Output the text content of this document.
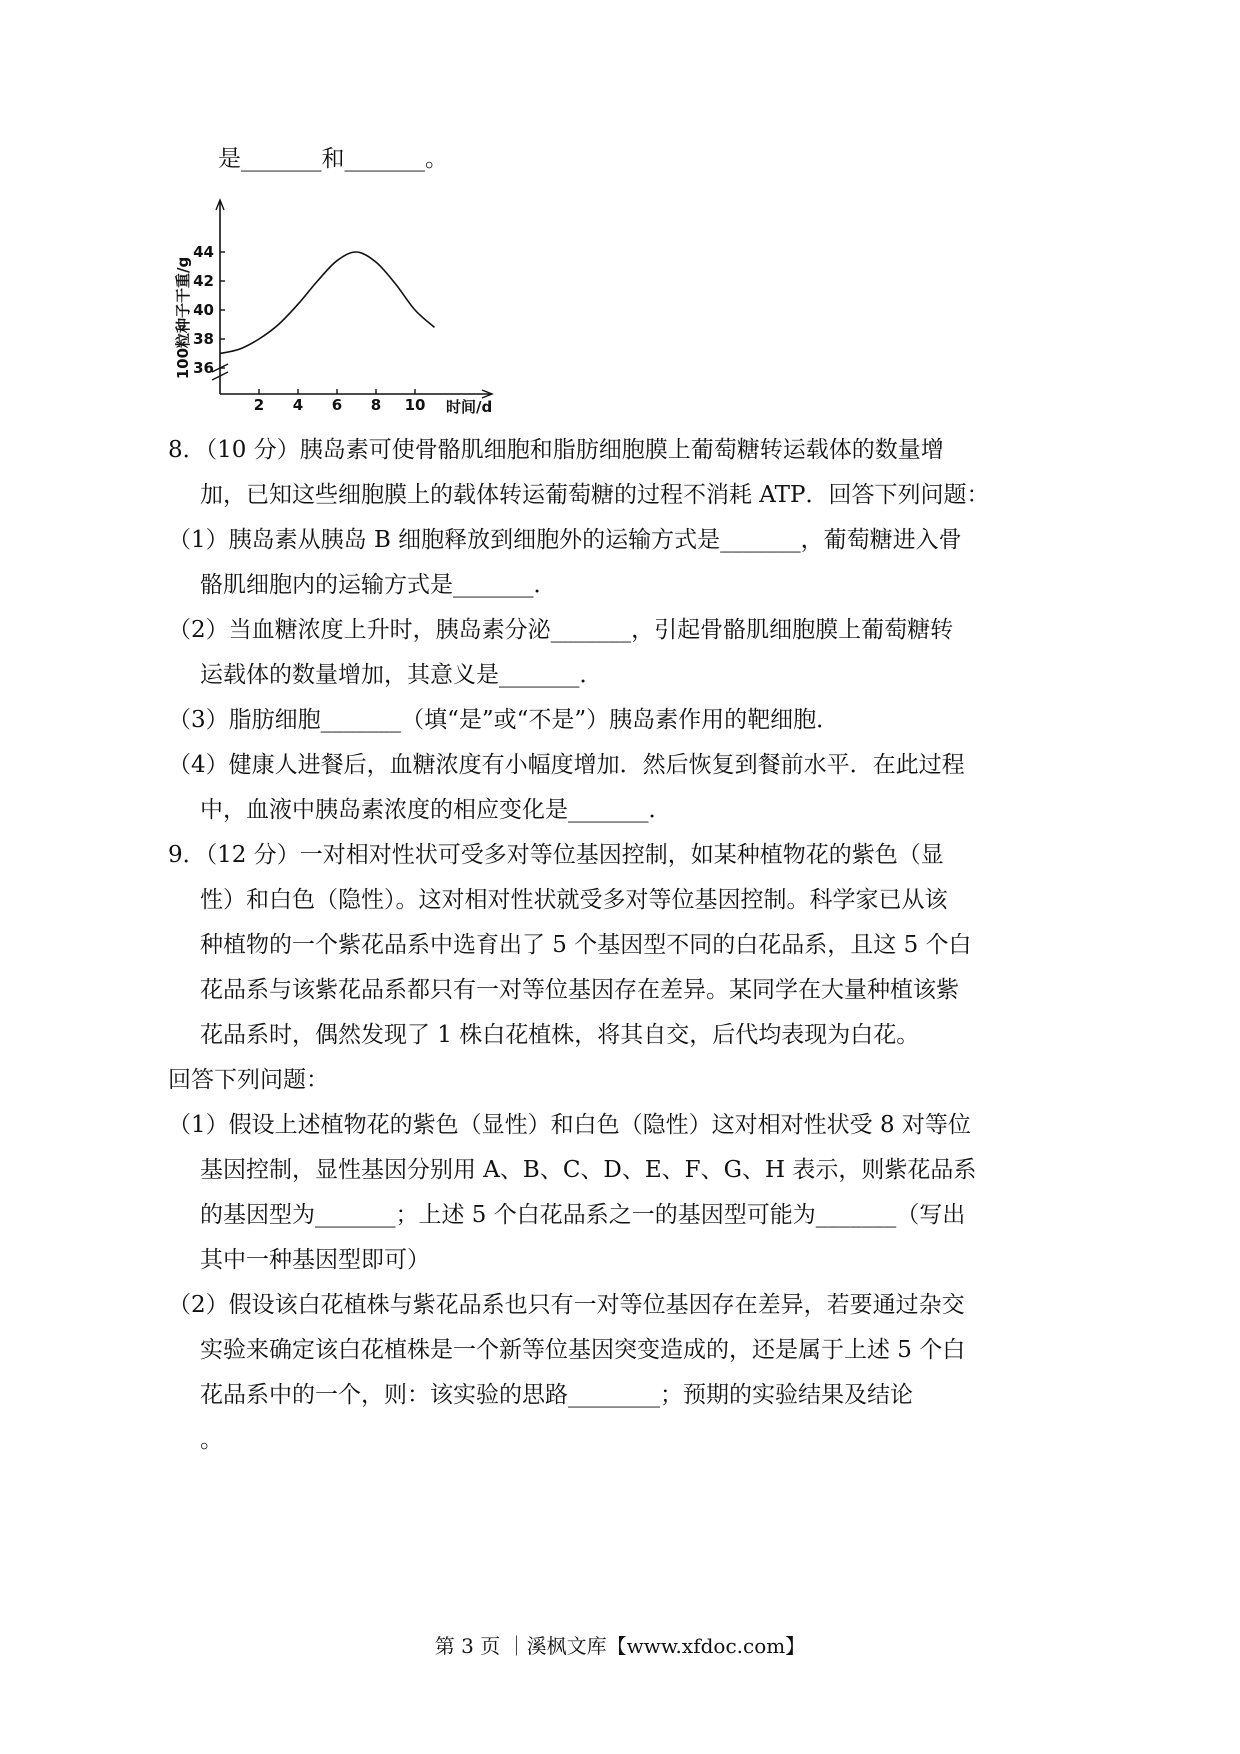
是_______和_______。
36
38
40
42
44
2 4 6 8 10
100粒种子干重/g
时间/d
8．（10 分）胰岛素可使骨骼肌细胞和脂肪细胞膜上葡萄糖转运载体的数量增
加，已知这些细胞膜上的载体转运葡萄糖的过程不消耗 ATP．回答下列问题：
（1）胰岛素从胰岛 B 细胞释放到细胞外的运输方式是_______，葡萄糖进入骨
骼肌细胞内的运输方式是_______．
（2）当血糖浓度上升时，胰岛素分泌_______，引起骨骼肌细胞膜上葡萄糖转
运载体的数量增加，其意义是_______．
（3）脂肪细胞_______（填“是”或“不是”）胰岛素作用的靶细胞．
（4）健康人进餐后，血糖浓度有小幅度增加．然后恢复到餐前水平．在此过程
中，血液中胰岛素浓度的相应变化是_______．
9．（12 分）一对相对性状可受多对等位基因控制，如某种植物花的紫色（显
性）和白色（隐性）。这对相对性状就受多对等位基因控制。科学家已从该
种植物的一个紫花品系中选育出了 5 个基因型不同的白花品系，且这 5 个白
花品系与该紫花品系都只有一对等位基因存在差异。某同学在大量种植该紫
花品系时，偶然发现了 1 株白花植株，将其自交，后代均表现为白花。
回答下列问题：
（1）假设上述植物花的紫色（显性）和白色（隐性）这对相对性状受 8 对等位
基因控制，显性基因分别用 A、B、C、D、E、F、G、H 表示，则紫花品系
的基因型为_______；上述 5 个白花品系之一的基因型可能为_______（写出
其中一种基因型即可）
（2）假设该白花植株与紫花品系也只有一对等位基因存在差异，若要通过杂交
实验来确定该白花植株是一个新等位基因突变造成的，还是属于上述 5 个白
花品系中的一个，则：该实验的思路________；预期的实验结果及结论
。
第 3 页 ｜溪枫文库【www.xfdoc.com】
